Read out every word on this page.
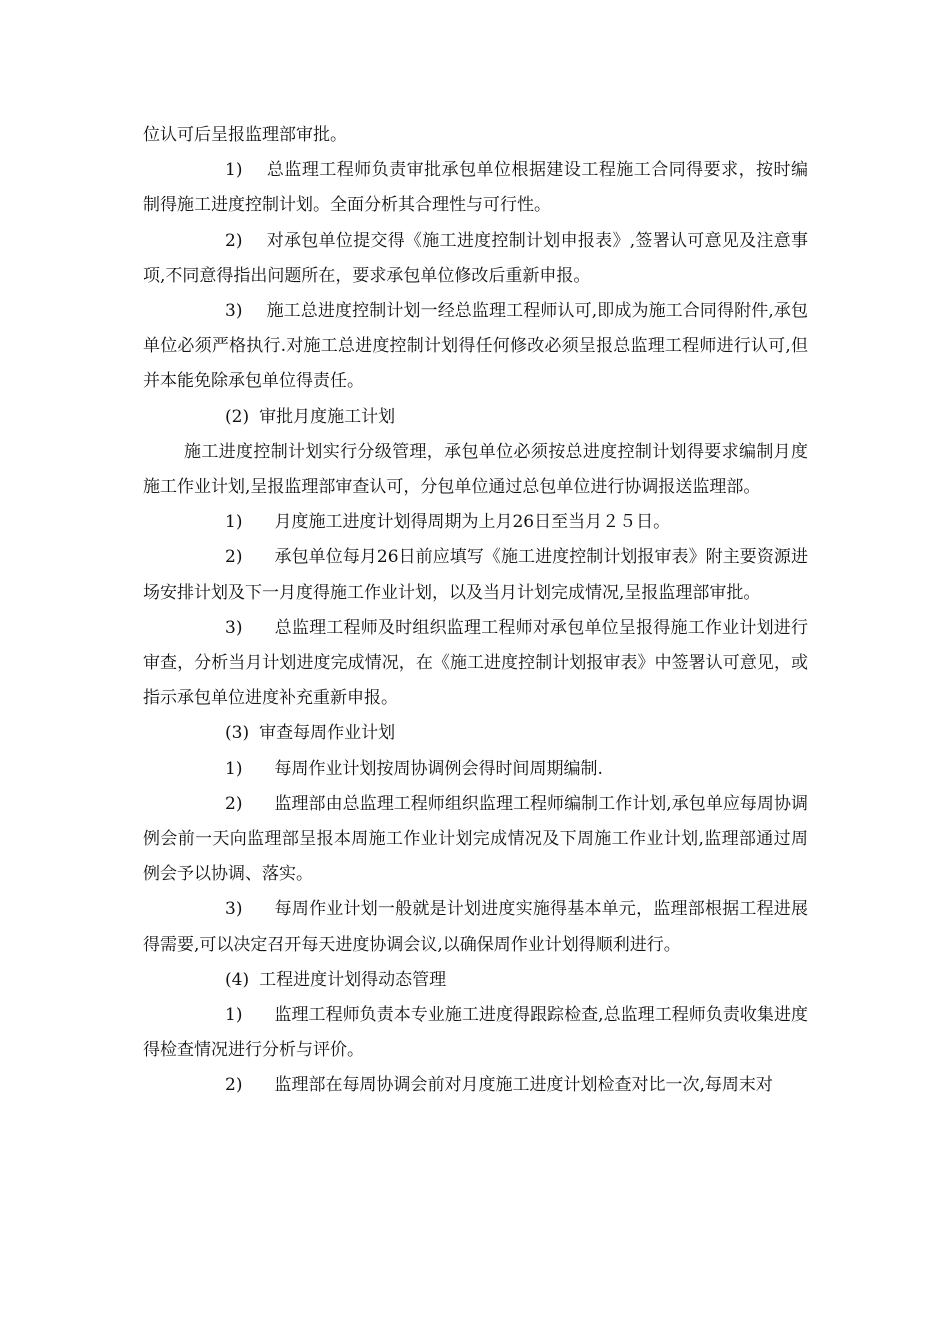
位认可后呈报监理部审批。

1) 总监理工程师负责审批承包单位根据建设工程施工合同得要求，按时编制得施工进度控制计划。全面分析其合理性与可行性。

2) 对承包单位提交得《施工进度控制计划申报表》,签署认可意见及注意事项,不同意得指出问题所在，要求承包单位修改后重新申报。

3) 施工总进度控制计划一经总监理工程师认可,即成为施工合同得附件,承包单位必须严格执行.对施工总进度控制计划得任何修改必须呈报总监理工程师进行认可,但并本能免除承包单位得责任。

(2) 审批月度施工计划

施工进度控制计划实行分级管理，承包单位必须按总进度控制计划得要求编制月度施工作业计划,呈报监理部审查认可，分包单位通过总包单位进行协调报送监理部。

1) 月度施工进度计划得周期为上月26日至当月２５日。

2) 承包单位每月26日前应填写《施工进度控制计划报审表》附主要资源进场安排计划及下一月度得施工作业计划，以及当月计划完成情况,呈报监理部审批。

3) 总监理工程师及时组织监理工程师对承包单位呈报得施工作业计划进行审查，分析当月计划进度完成情况，在《施工进度控制计划报审表》中签署认可意见，或指示承包单位进度补充重新申报。

(3) 审查每周作业计划

1) 每周作业计划按周协调例会得时间周期编制.

2) 监理部由总监理工程师组织监理工程师编制工作计划,承包单应每周协调例会前一天向监理部呈报本周施工作业计划完成情况及下周施工作业计划,监理部通过周例会予以协调、落实。

3) 每周作业计划一般就是计划进度实施得基本单元，监理部根据工程进展得需要,可以决定召开每天进度协调会议,以确保周作业计划得顺利进行。

(4) 工程进度计划得动态管理

1) 监理工程师负责本专业施工进度得跟踪检查,总监理工程师负责收集进度得检查情况进行分析与评价。

2) 监理部在每周协调会前对月度施工进度计划检查对比一次,每周末对
